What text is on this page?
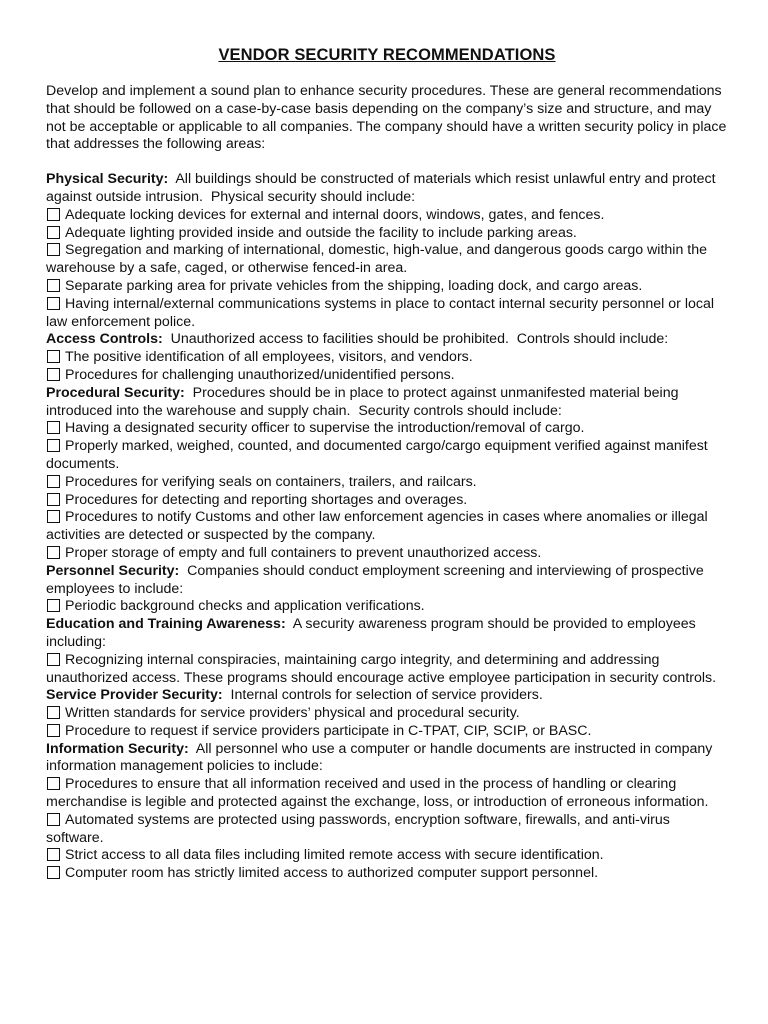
VENDOR SECURITY RECOMMENDATIONS
Develop and implement a sound plan to enhance security procedures. These are general recommendations that should be followed on a case-by-case basis depending on the company’s size and structure, and may not be acceptable or applicable to all companies. The company should have a written security policy in place that addresses the following areas:
Physical Security:  All buildings should be constructed of materials which resist unlawful entry and protect against outside intrusion.  Physical security should include:
Adequate locking devices for external and internal doors, windows, gates, and fences.
Adequate lighting provided inside and outside the facility to include parking areas.
Segregation and marking of international, domestic, high-value, and dangerous goods cargo within the warehouse by a safe, caged, or otherwise fenced-in area.
Separate parking area for private vehicles from the shipping, loading dock, and cargo areas.
Having internal/external communications systems in place to contact internal security personnel or local law enforcement police.
Access Controls:  Unauthorized access to facilities should be prohibited.  Controls should include:
The positive identification of all employees, visitors, and vendors.
Procedures for challenging unauthorized/unidentified persons.
Procedural Security:  Procedures should be in place to protect against unmanifested material being introduced into the warehouse and supply chain.  Security controls should include:
Having a designated security officer to supervise the introduction/removal of cargo.
Properly marked, weighed, counted, and documented cargo/cargo equipment verified against manifest documents.
Procedures for verifying seals on containers, trailers, and railcars.
Procedures for detecting and reporting shortages and overages.
Procedures to notify Customs and other law enforcement agencies in cases where anomalies or illegal activities are detected or suspected by the company.
Proper storage of empty and full containers to prevent unauthorized access.
Personnel Security:  Companies should conduct employment screening and interviewing of prospective employees to include:
Periodic background checks and application verifications.
Education and Training Awareness:  A security awareness program should be provided to employees including:
Recognizing internal conspiracies, maintaining cargo integrity, and determining and addressing unauthorized access. These programs should encourage active employee participation in security controls.
Service Provider Security:  Internal controls for selection of service providers.
Written standards for service providers’ physical and procedural security.
Procedure to request if service providers participate in C-TPAT, CIP, SCIP, or BASC.
Information Security:  All personnel who use a computer or handle documents are instructed in company information management policies to include:
Procedures to ensure that all information received and used in the process of handling or clearing merchandise is legible and protected against the exchange, loss, or introduction of erroneous information.
Automated systems are protected using passwords, encryption software, firewalls, and anti-virus software.
Strict access to all data files including limited remote access with secure identification.
Computer room has strictly limited access to authorized computer support personnel.
